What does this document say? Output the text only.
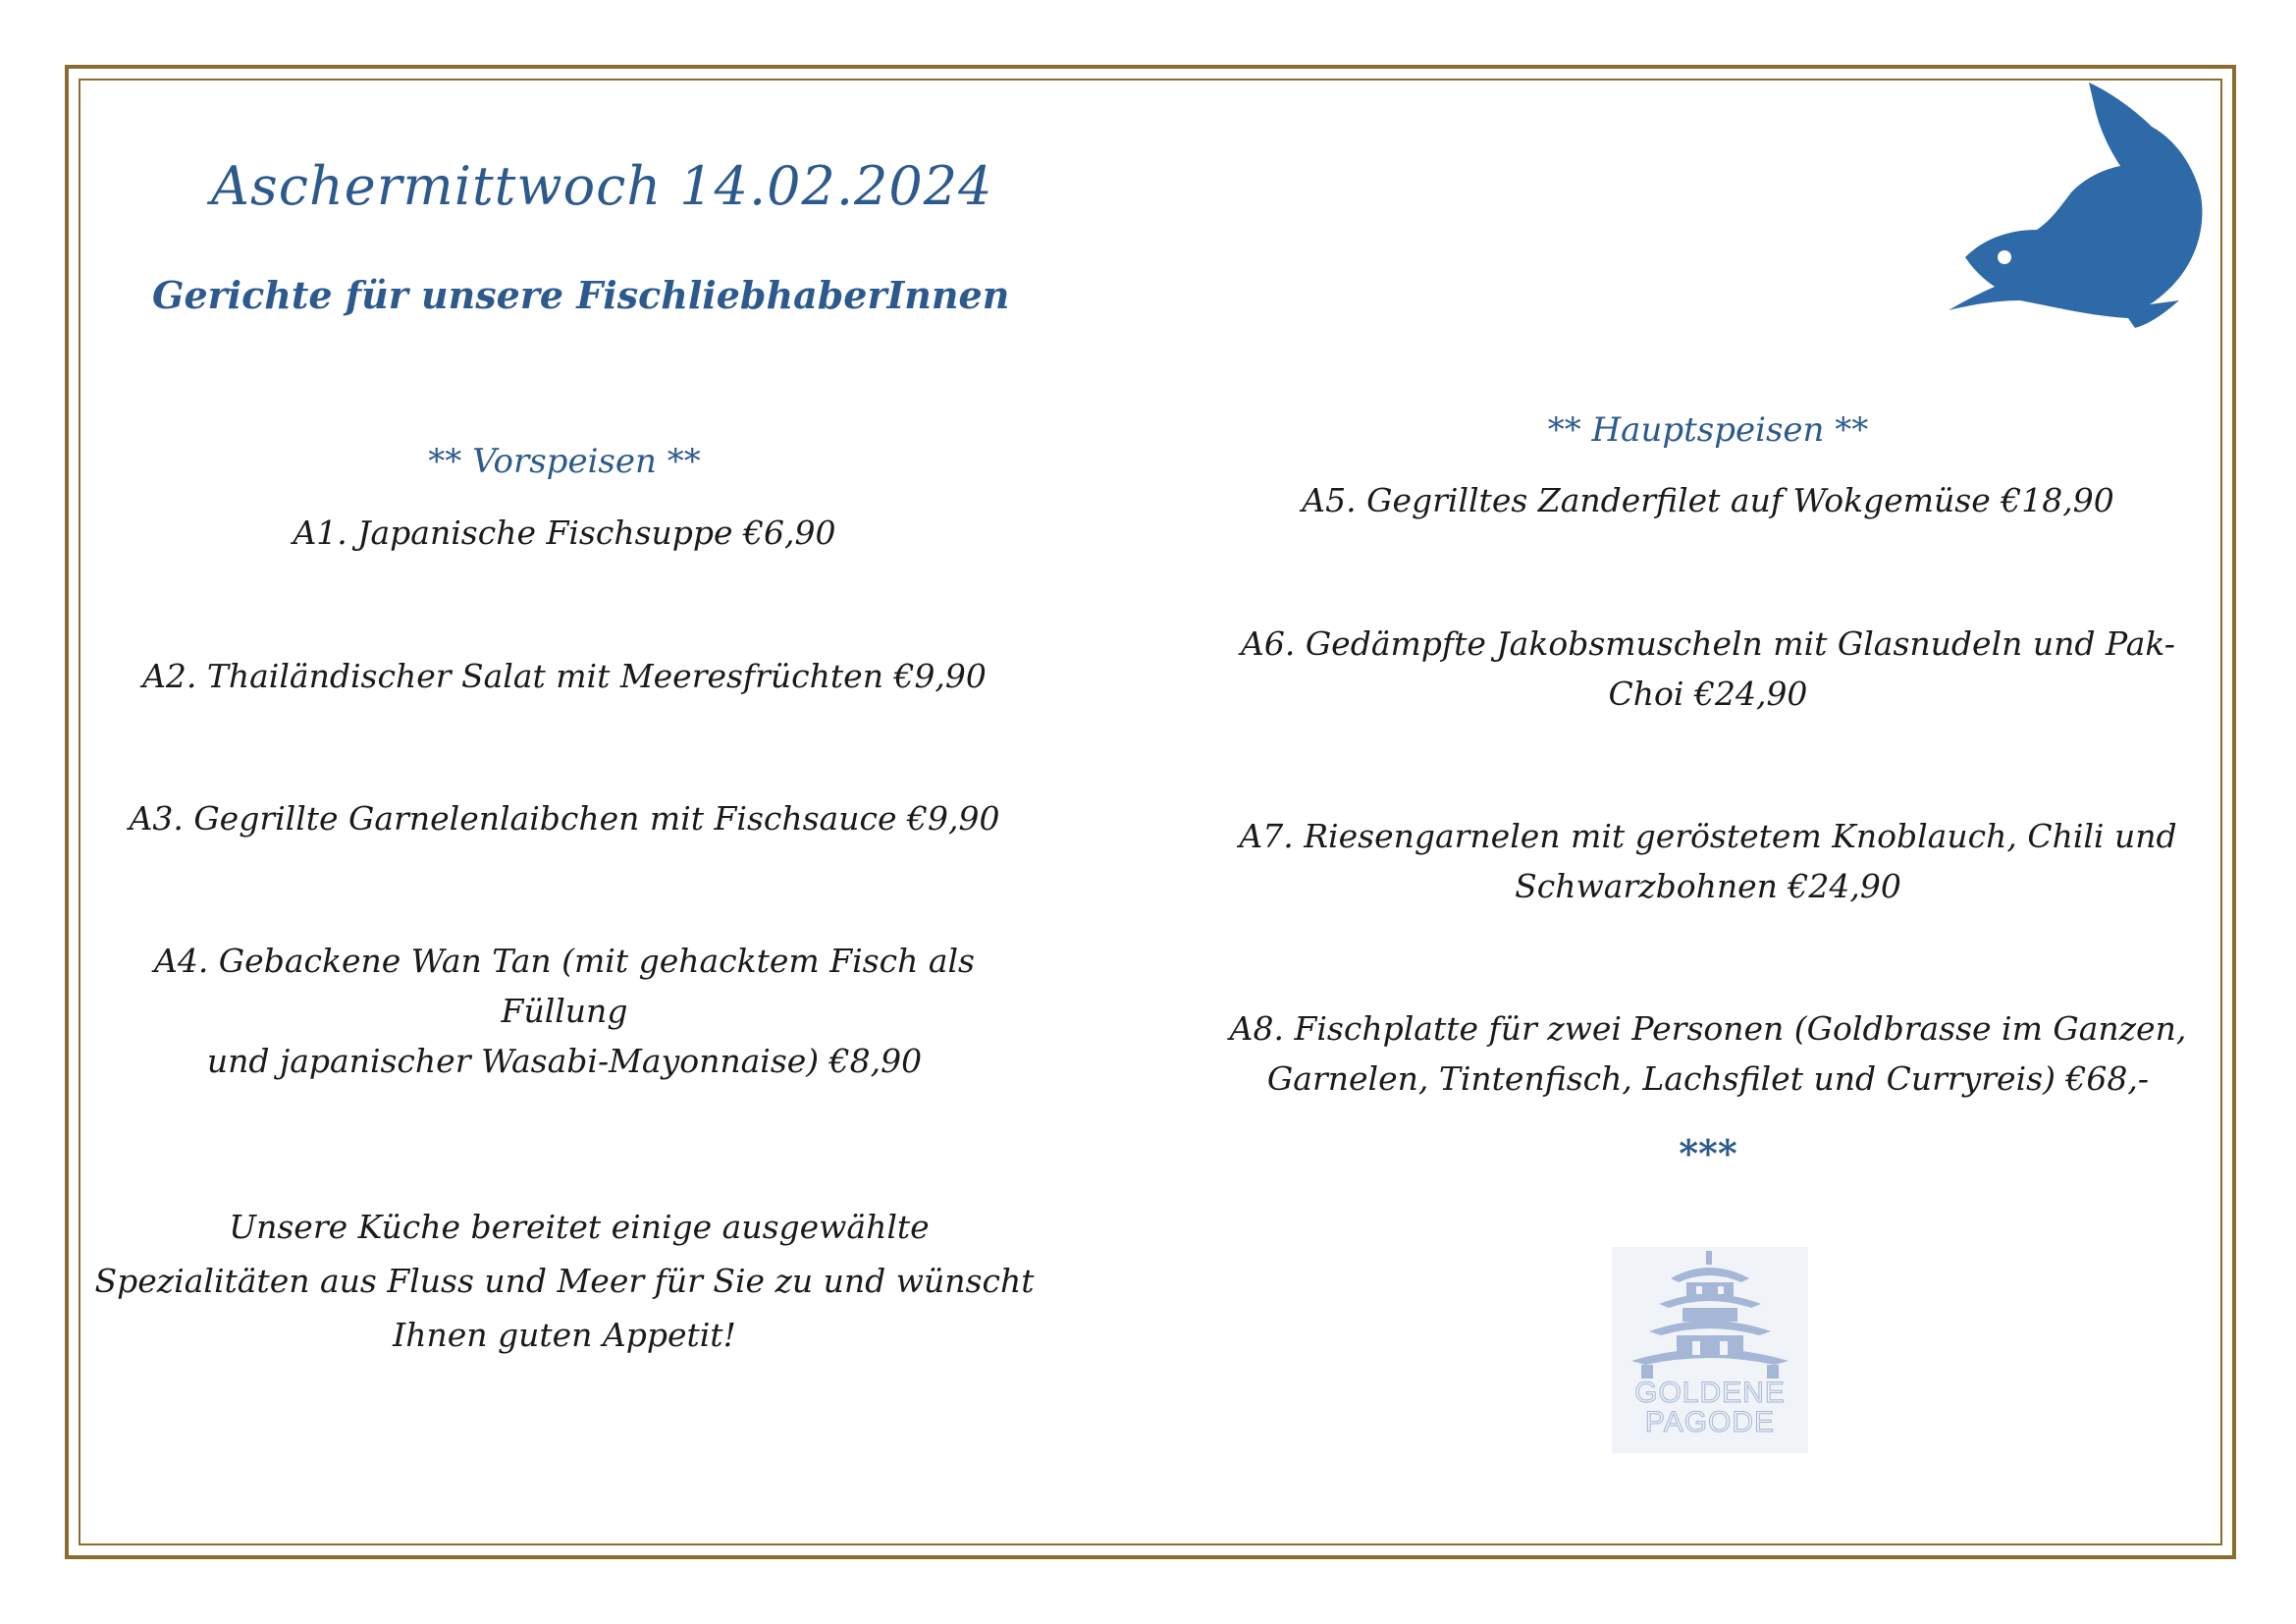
Aschermittwoch 14.02.2024
Gerichte für unsere FischliebhaberInnen
** Vorspeisen **
A1. Japanische Fischsuppe €6,90
A2. Thailändischer Salat mit Meeresfrüchten €9,90
A3. Gegrillte Garnelenlaibchen mit Fischsauce €9,90
A4. Gebackene Wan Tan (mit gehacktem Fisch als Füllung
und japanischer Wasabi-Mayonnaise) €8,90
Unsere Küche bereitet einige ausgewählte
Spezialitäten aus Fluss und Meer für Sie zu und wünscht
Ihnen guten Appetit!
** Hauptspeisen **
A5. Gegrilltes Zanderfilet auf Wokgemüse €18,90
A6. Gedämpfte Jakobsmuscheln mit Glasnudeln und Pak-
Choi €24,90
A7. Riesengarnelen mit geröstetem Knoblauch, Chili und
Schwarzbohnen €24,90
A8. Fischplatte für zwei Personen (Goldbrasse im Ganzen,
Garnelen, Tintenfisch, Lachsfilet und Curryreis) €68,-
***
GOLDENE
PAGODE
